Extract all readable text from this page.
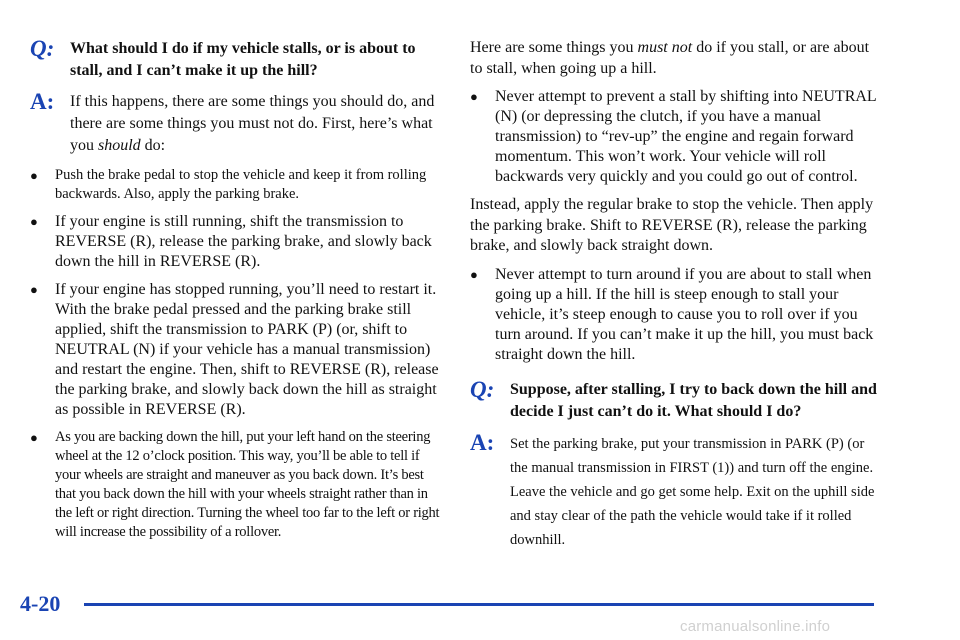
Q: What should I do if my vehicle stalls, or is about to stall, and I can’t make it up the hill?
A: If this happens, there are some things you should do, and there are some things you must not do. First, here’s what you should do:
●	Push the brake pedal to stop the vehicle and keep it from rolling backwards. Also, apply the parking brake.
●	If your engine is still running, shift the transmission to REVERSE (R), release the parking brake, and slowly back down the hill in REVERSE (R).
●	If your engine has stopped running, you’ll need to restart it. With the brake pedal pressed and the parking brake still applied, shift the transmission to PARK (P) (or, shift to NEUTRAL (N) if your vehicle has a manual transmission) and restart the engine. Then, shift to REVERSE (R), release the parking brake, and slowly back down the hill as straight as possible in REVERSE (R).
●	As you are backing down the hill, put your left hand on the steering wheel at the 12 o’clock position. This way, you’ll be able to tell if your wheels are straight and maneuver as you back down. It’s best that you back down the hill with your wheels straight rather than in the left or right direction. Turning the wheel too far to the left or right will increase the possibility of a rollover.

Here are some things you must not do if you stall, or are about to stall, when going up a hill.

●	Never attempt to prevent a stall by shifting into NEUTRAL (N) (or depressing the clutch, if you have a manual transmission) to “rev-up” the engine and regain forward momentum. This won’t work. Your vehicle will roll backwards very quickly and you could go out of control.

Instead, apply the regular brake to stop the vehicle. Then apply the parking brake. Shift to REVERSE (R), release the parking brake, and slowly back straight down.

●	Never attempt to turn around if you are about to stall when going up a hill. If the hill is steep enough to stall your vehicle, it’s steep enough to cause you to roll over if you turn around. If you can’t make it up the hill, you must back straight down the hill.
Q: Suppose, after stalling, I try to back down the hill and decide I just can’t do it. What should I do?
A:	Set the parking brake, put your transmission in PARK (P) (or the manual transmission in FIRST (1)) and turn off the engine. Leave the vehicle and go get some help. Exit on the uphill side and stay clear of the path the vehicle would take if it rolled downhill.
4-20
carmanualsonline.info
